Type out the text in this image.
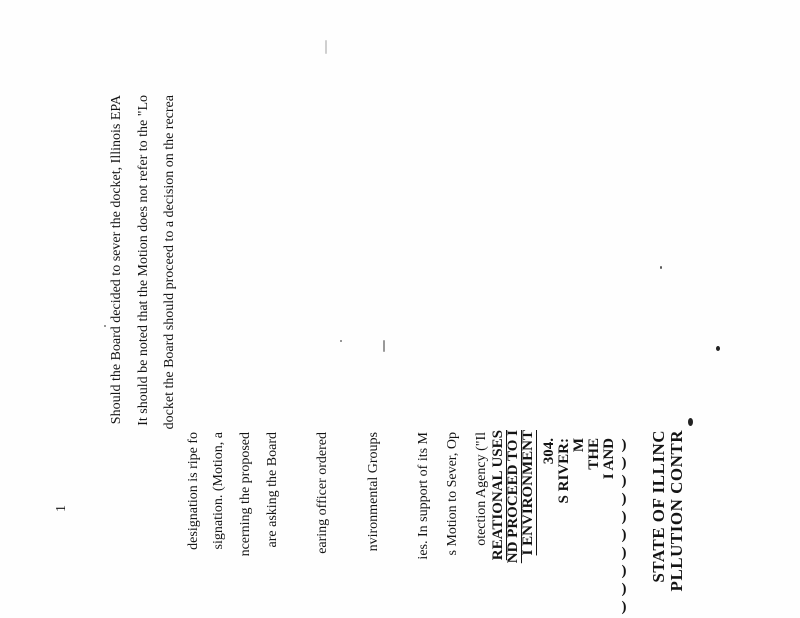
PLLUTION CONTR
STATE OF ILLINC
I AND
THE
M
S RIVER:
304.	)
)
)
)
)
)
)
)
)
)
I ENVIRONMENT
ND PROCEED TO I
REATIONAL USES
otection Agency ("Il
s Motion to Sever, Op
ies. In support of its M
nvironmental Groups
earing officer ordered
are asking the Board
ncerning the proposed
signation. (Motion, a
designation is ripe fo
docket the Board should proceed to a decision on the recrea
It should be noted that the Motion does not refer to the "Lo
Should the Board decided to sever the docket, Illinois EPA
1
